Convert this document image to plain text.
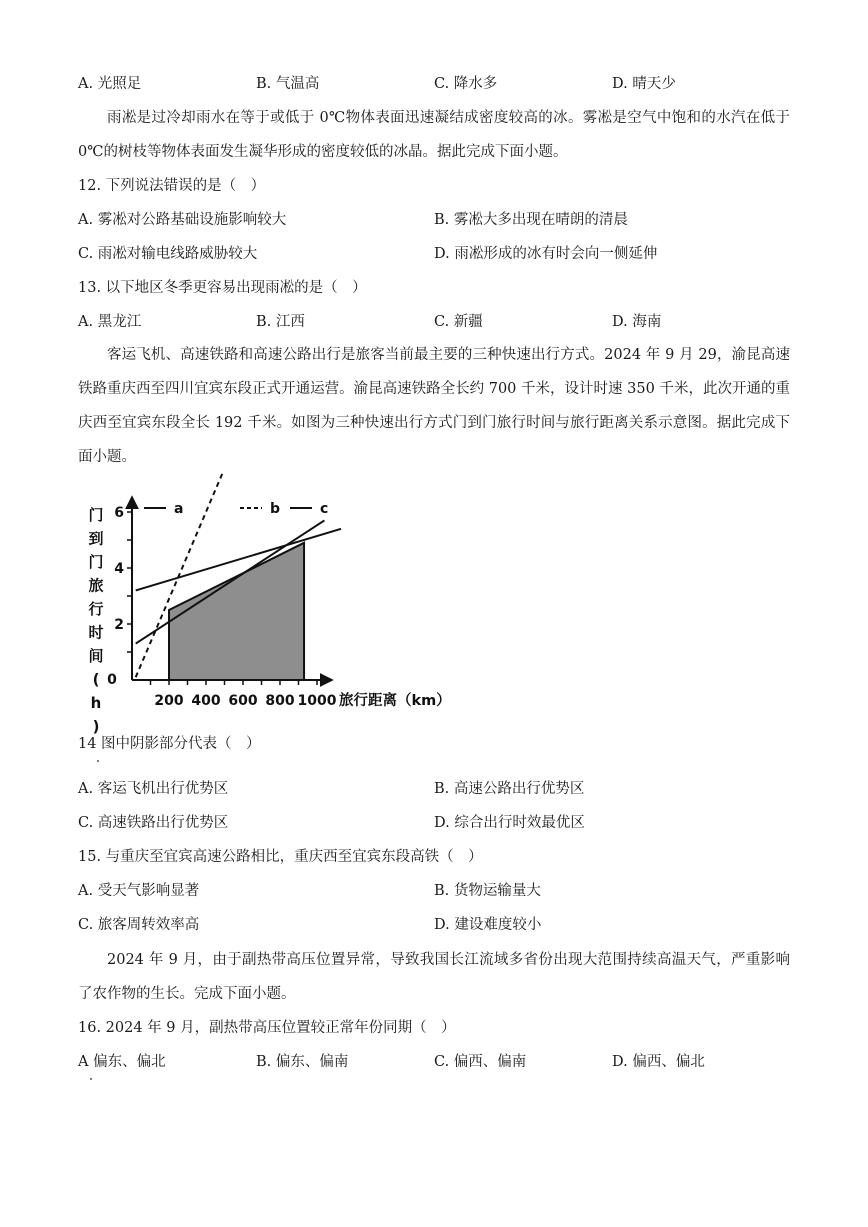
A. 光照足	B. 气温高	C. 降水多	D. 晴天少
雨凇是过冷却雨水在等于或低于 0℃物体表面迅速凝结成密度较高的冰。雾凇是空气中饱和的水汽在低于 0℃的树枝等物体表面发生凝华形成的密度较低的冰晶。据此完成下面小题。
12. 下列说法错误的是（　）
A. 雾凇对公路基础设施影响较大	B. 雾凇大多出现在晴朗的清晨
C. 雨凇对输电线路威胁较大	D. 雨凇形成的冰有时会向一侧延伸
13. 以下地区冬季更容易出现雨凇的是（　）
A. 黑龙江	B. 江西	C. 新疆	D. 海南
客运飞机、高速铁路和高速公路出行是旅客当前最主要的三种快速出行方式。2024 年 9 月 29，渝昆高速铁路重庆西至四川宜宾东段正式开通运营。渝昆高速铁路全长约 700 千米，设计时速 350 千米，此次开通的重庆西至宜宾东段全长 192 千米。如图为三种快速出行方式门到门旅行时间与旅行距离关系示意图。据此完成下面小题。
2
4
6
200 400 600 800 1000
0
旅行距离（km）
门
到
门
旅
行
时
间
(
h
)
a	b	c
14 图中阴影部分代表（　）
A. 客运飞机出行优势区	B. 高速公路出行优势区
C. 高速铁路出行优势区	D. 综合出行时效最优区
15. 与重庆至宜宾高速公路相比，重庆西至宜宾东段高铁（　）
A. 受天气影响显著	B. 货物运输量大
C. 旅客周转效率高	D. 建设难度较小
2024 年 9 月，由于副热带高压位置异常，导致我国长江流域多省份出现大范围持续高温天气，严重影响了农作物的生长。完成下面小题。
16. 2024 年 9 月，副热带高压位置较正常年份同期（　）
A 偏东、偏北	B. 偏东、偏南	C. 偏西、偏南	D. 偏西、偏北
